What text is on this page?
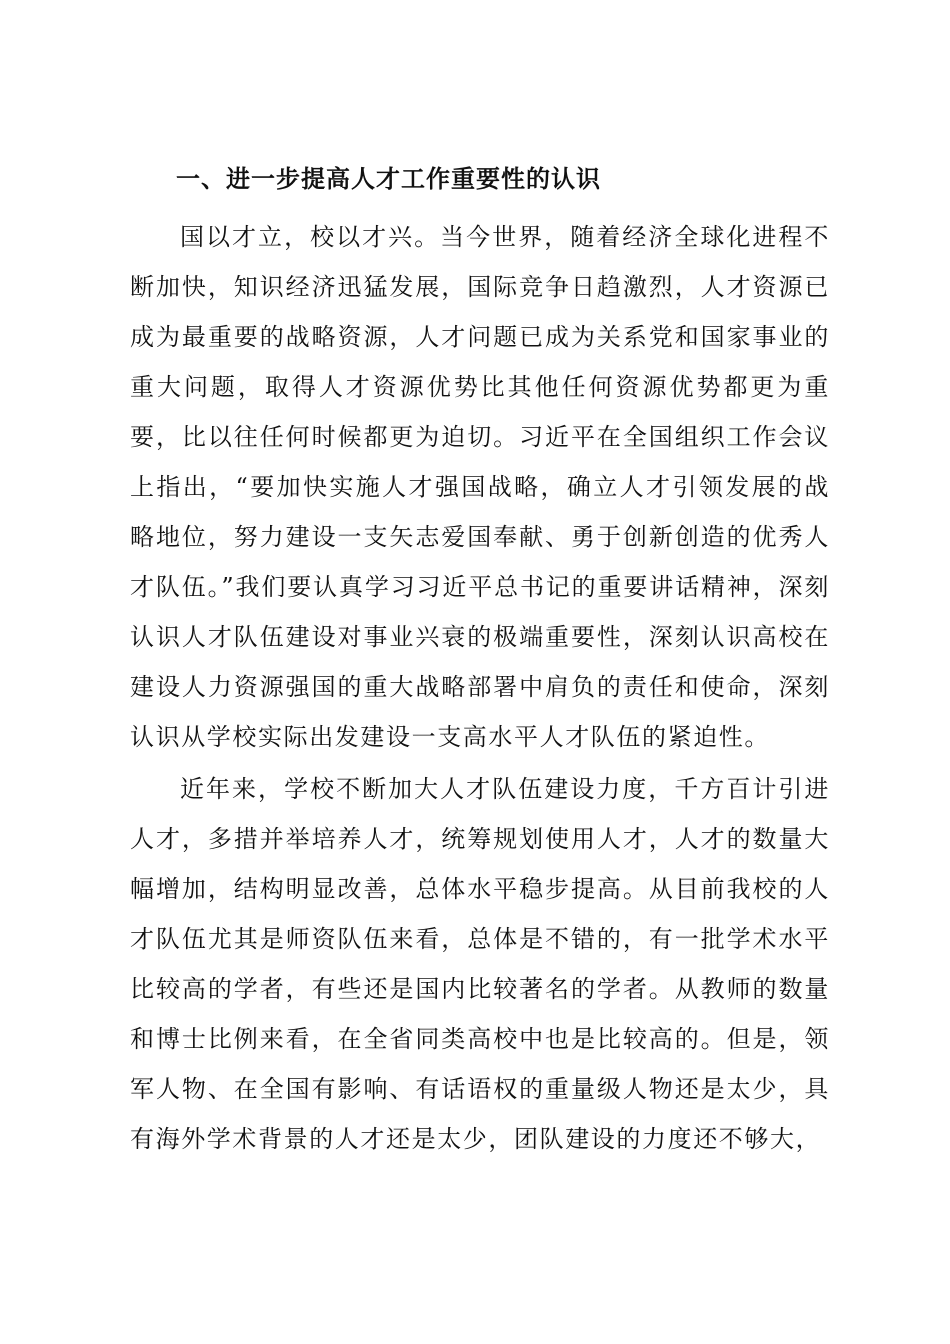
一、进一步提高人才工作重要性的认识

国以才立，校以才兴。当今世界，随着经济全球化进程不断加快，知识经济迅猛发展，国际竞争日趋激烈，人才资源已成为最重要的战略资源，人才问题已成为关系党和国家事业的重大问题，取得人才资源优势比其他任何资源优势都更为重要，比以往任何时候都更为迫切。习近平在全国组织工作会议上指出，“要加快实施人才强国战略，确立人才引领发展的战略地位，努力建设一支矢志爱国奉献、勇于创新创造的优秀人才队伍。”我们要认真学习习近平总书记的重要讲话精神，深刻认识人才队伍建设对事业兴衰的极端重要性，深刻认识高校在建设人力资源强国的重大战略部署中肩负的责任和使命，深刻认识从学校实际出发建设一支高水平人才队伍的紧迫性。

近年来，学校不断加大人才队伍建设力度，千方百计引进人才，多措并举培养人才，统筹规划使用人才，人才的数量大幅增加，结构明显改善，总体水平稳步提高。从目前我校的人才队伍尤其是师资队伍来看，总体是不错的，有一批学术水平比较高的学者，有些还是国内比较著名的学者。从教师的数量和博士比例来看，在全省同类高校中也是比较高的。但是，领军人物、在全国有影响、有话语权的重量级人物还是太少，具有海外学术背景的人才还是太少，团队建设的力度还不够大，
